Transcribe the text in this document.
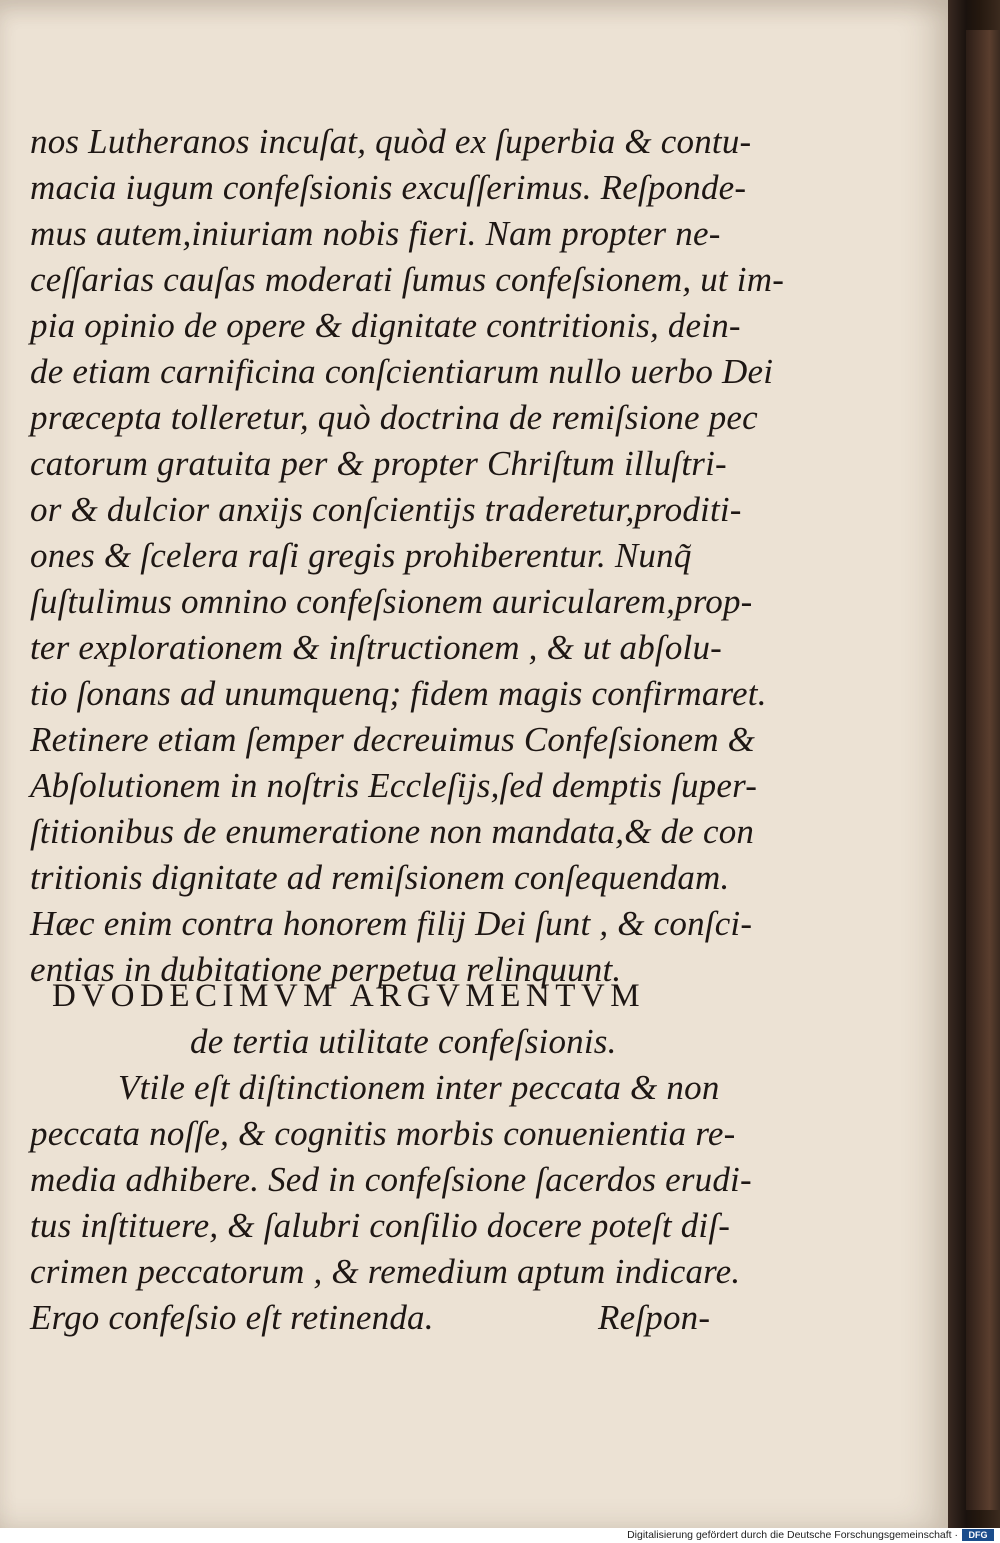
nos Lutheranos incuſat, quòd ex ſuperbia & contu-
macia iugum confeſsionis excuſſerimus. Reſponde-
mus autem,iniuriam nobis fieri. Nam propter ne-
ceſſarias cauſas moderati ſumus confeſsionem, ut im-
pia opinio de opere & dignitate contritionis, dein-
de etiam carnificina conſcientiarum nullo uerbo Dei
præcepta tolleretur, quò doctrina de remiſsione pec
catorum gratuita per & propter Chriſtum illuſtri-
or & dulcior anxijs conſcientijs traderetur,proditi-
ones & ſcelera raſi gregis prohiberentur. Nunq̃
ſuſtulimus omnino confeſsionem auricularem,prop-
ter explorationem & inſtructionem , & ut abſolu-
tio ſonans ad unumquenq; fidem magis confirmaret.
Retinere etiam ſemper decreuimus Confeſsionem &
Abſolutionem in noſtris Eccleſijs,ſed demptis ſuper-
ſtitionibus de enumeratione non mandata,& de con
tritionis dignitate ad remiſsionem conſequendam.
Hæc enim contra honorem filij Dei ſunt , & conſci-
entias in dubitatione perpetua relinquunt.
DVODECIMVM ARGVMENTVM
de tertia utilitate confeſsionis.
Vtile eſt diſtinctionem inter peccata & non
peccata noſſe, & cognitis morbis conuenientia re-
media adhibere. Sed in confeſsione ſacerdos erudi-
tus inſtituere, & ſalubri conſilio docere poteſt diſ-
crimen peccatorum , & remedium aptum indicare.
Ergo confeſsio eſt retinenda.	Reſpon-
Digitalisierung gefördert durch die Deutsche Forschungsgemeinschaft ·	DFG
